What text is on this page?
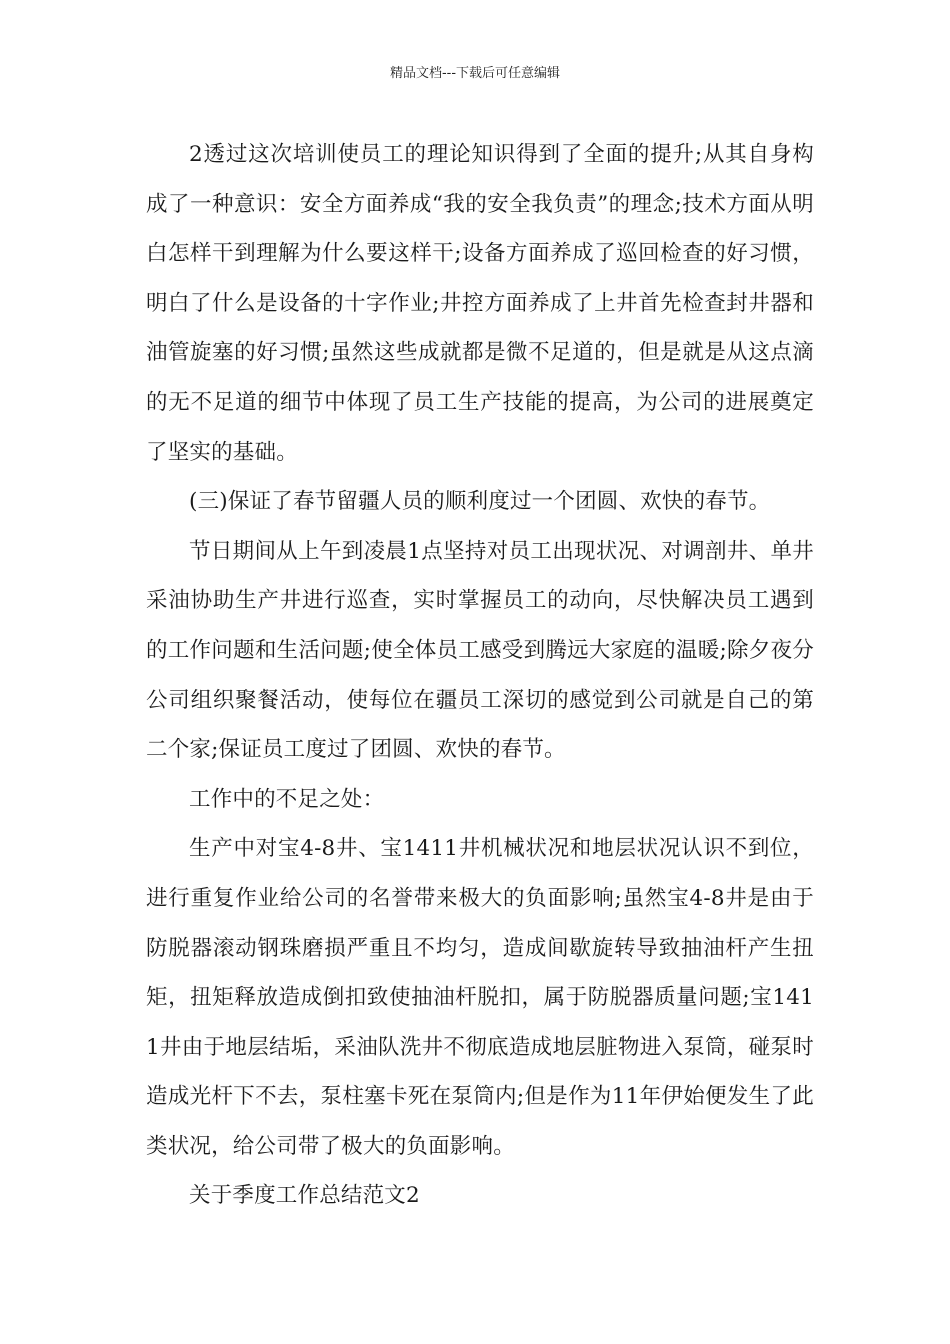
精品文档---下载后可任意编辑

2透过这次培训使员工的理论知识得到了全面的提升;从其自身构成了一种意识：安全方面养成“我的安全我负责”的理念;技术方面从明白怎样干到理解为什么要这样干;设备方面养成了巡回检查的好习惯，明白了什么是设备的十字作业;井控方面养成了上井首先检查封井器和油管旋塞的好习惯;虽然这些成就都是微不足道的，但是就是从这点滴的无不足道的细节中体现了员工生产技能的提高，为公司的进展奠定了坚实的基础。

(三)保证了春节留疆人员的顺利度过一个团圆、欢快的春节。

节日期间从上午到凌晨1点坚持对员工出现状况、对调剖井、单井采油协助生产井进行巡查，实时掌握员工的动向，尽快解决员工遇到的工作问题和生活问题;使全体员工感受到腾远大家庭的温暖;除夕夜分公司组织聚餐活动，使每位在疆员工深切的感觉到公司就是自己的第二个家;保证员工度过了团圆、欢快的春节。

工作中的不足之处：

生产中对宝4-8井、宝1411井机械状况和地层状况认识不到位，进行重复作业给公司的名誉带来极大的负面影响;虽然宝4-8井是由于防脱器滚动钢珠磨损严重且不均匀，造成间歇旋转导致抽油杆产生扭矩，扭矩释放造成倒扣致使抽油杆脱扣，属于防脱器质量问题;宝1411井由于地层结垢，采油队洗井不彻底造成地层脏物进入泵筒，碰泵时造成光杆下不去，泵柱塞卡死在泵筒内;但是作为11年伊始便发生了此类状况，给公司带了极大的负面影响。

关于季度工作总结范文2
